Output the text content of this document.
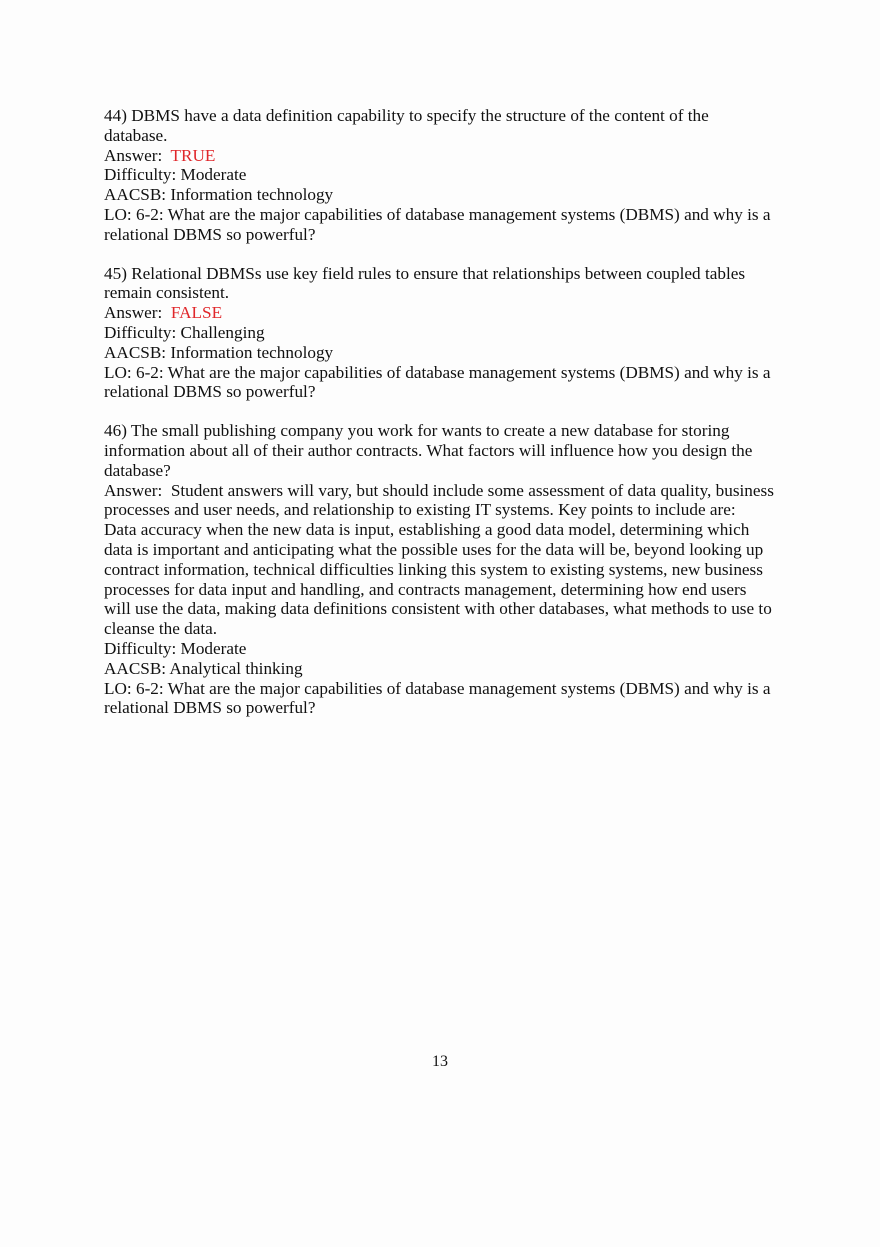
44) DBMS have a data definition capability to specify the structure of the content of the database.
Answer: TRUE
Difficulty: Moderate
AACSB: Information technology
LO: 6-2: What are the major capabilities of database management systems (DBMS) and why is a relational DBMS so powerful?
45) Relational DBMSs use key field rules to ensure that relationships between coupled tables remain consistent.
Answer: FALSE
Difficulty: Challenging
AACSB: Information technology
LO: 6-2: What are the major capabilities of database management systems (DBMS) and why is a relational DBMS so powerful?
46) The small publishing company you work for wants to create a new database for storing information about all of their author contracts. What factors will influence how you design the database?
Answer: Student answers will vary, but should include some assessment of data quality, business processes and user needs, and relationship to existing IT systems. Key points to include are:
Data accuracy when the new data is input, establishing a good data model, determining which data is important and anticipating what the possible uses for the data will be, beyond looking up contract information, technical difficulties linking this system to existing systems, new business processes for data input and handling, and contracts management, determining how end users will use the data, making data definitions consistent with other databases, what methods to use to cleanse the data.
Difficulty: Moderate
AACSB: Analytical thinking
LO: 6-2: What are the major capabilities of database management systems (DBMS) and why is a relational DBMS so powerful?
13
